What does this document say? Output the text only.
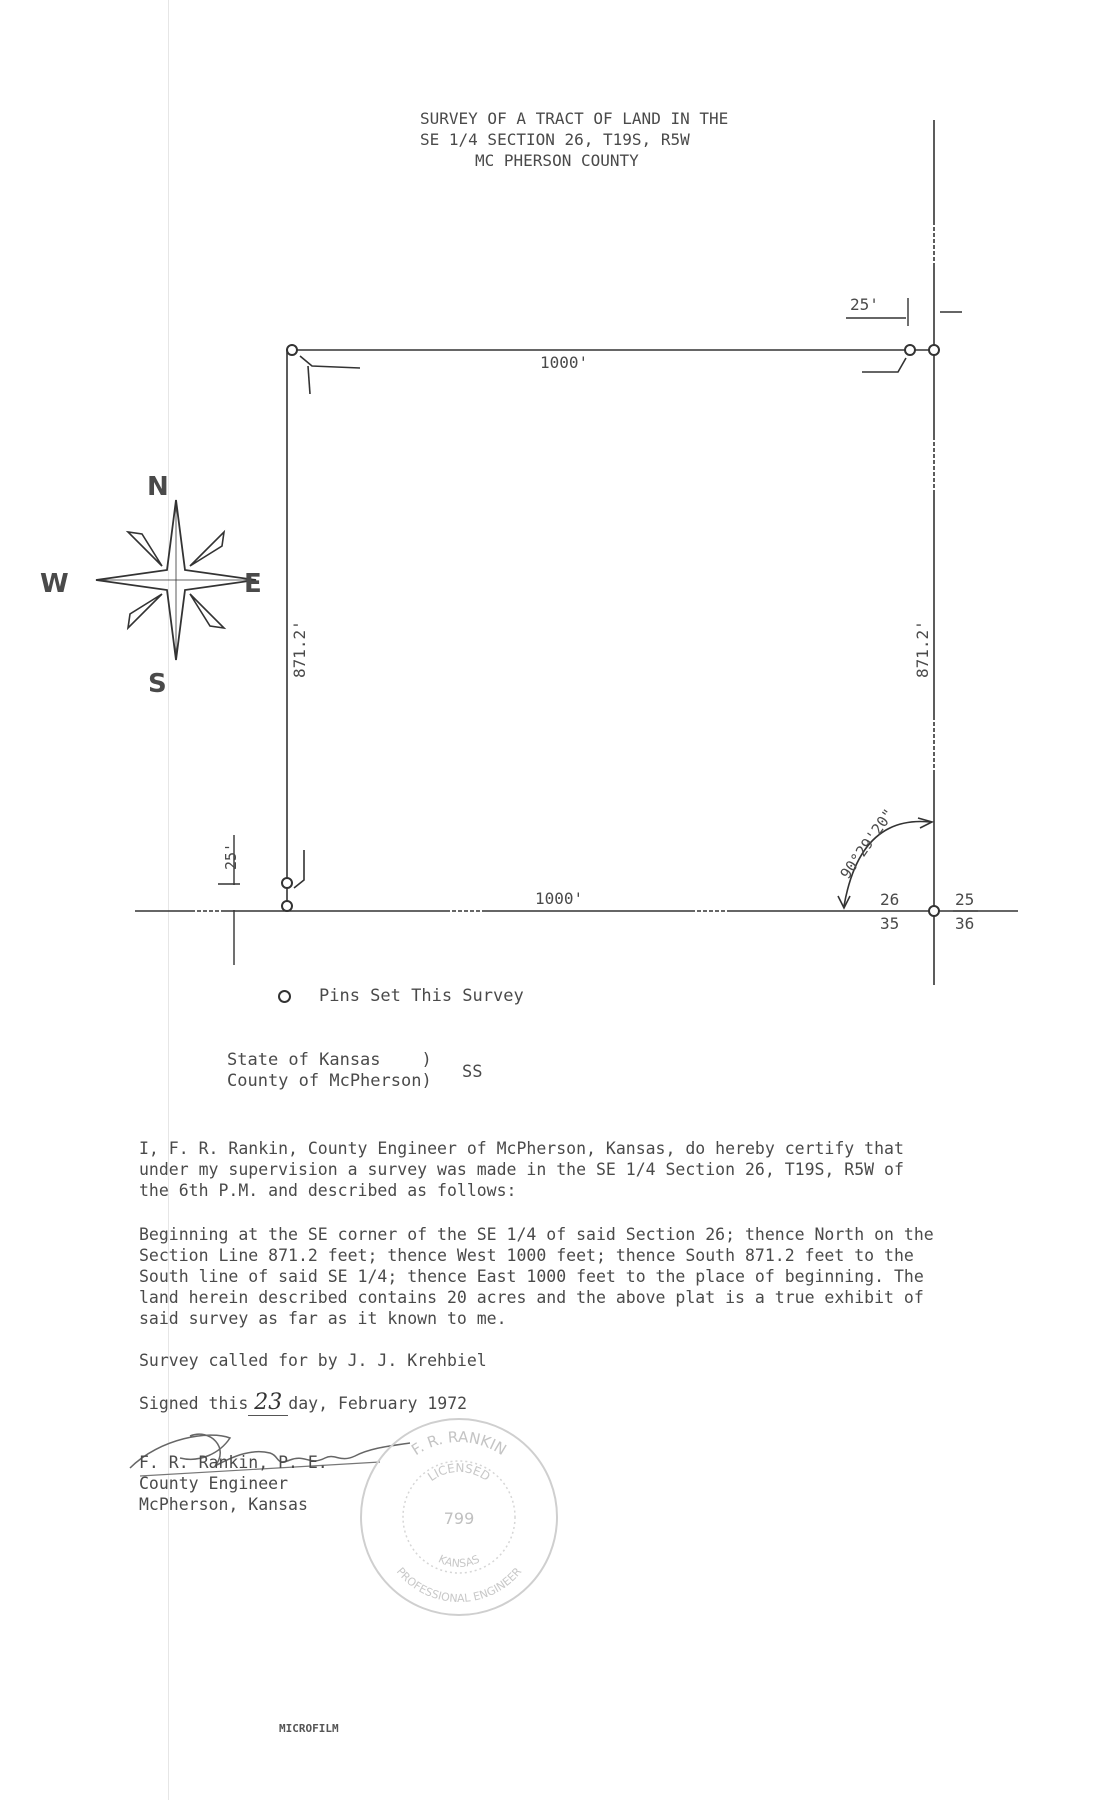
SURVEY OF A TRACT OF LAND IN THE
SE 1/4 SECTION 26, T19S, R5W
MC PHERSON COUNTY
25'
25'
1000'
1000'
871.2'	871.2'
90°29'20"
26	25
35	36
N
S
E
W
Pins Set This Survey
State of Kansas    )
County of McPherson) SS
I, F. R. Rankin, County Engineer of McPherson, Kansas, do hereby certify that under my supervision a survey was made in the SE 1/4 Section 26, T19S, R5W of the 6th P.M. and described as follows:
Beginning at the SE corner of the SE 1/4 of said Section 26; thence North on the Section Line 871.2 feet; thence West 1000 feet; thence South 871.2 feet to the South line of said SE 1/4; thence East 1000 feet to the place of beginning. The land herein described contains 20 acres and the above plat is a true exhibit of said survey as far as it known to me.
Survey called for by J. J. Krehbiel
Signed this 23 day, February 1972
F. R. Rankin, P. E.
County Engineer
McPherson, Kansas
F. R. RANKIN
PROFESSIONAL ENGINEER
LICENSED
KANSAS
799
MICROFILM
